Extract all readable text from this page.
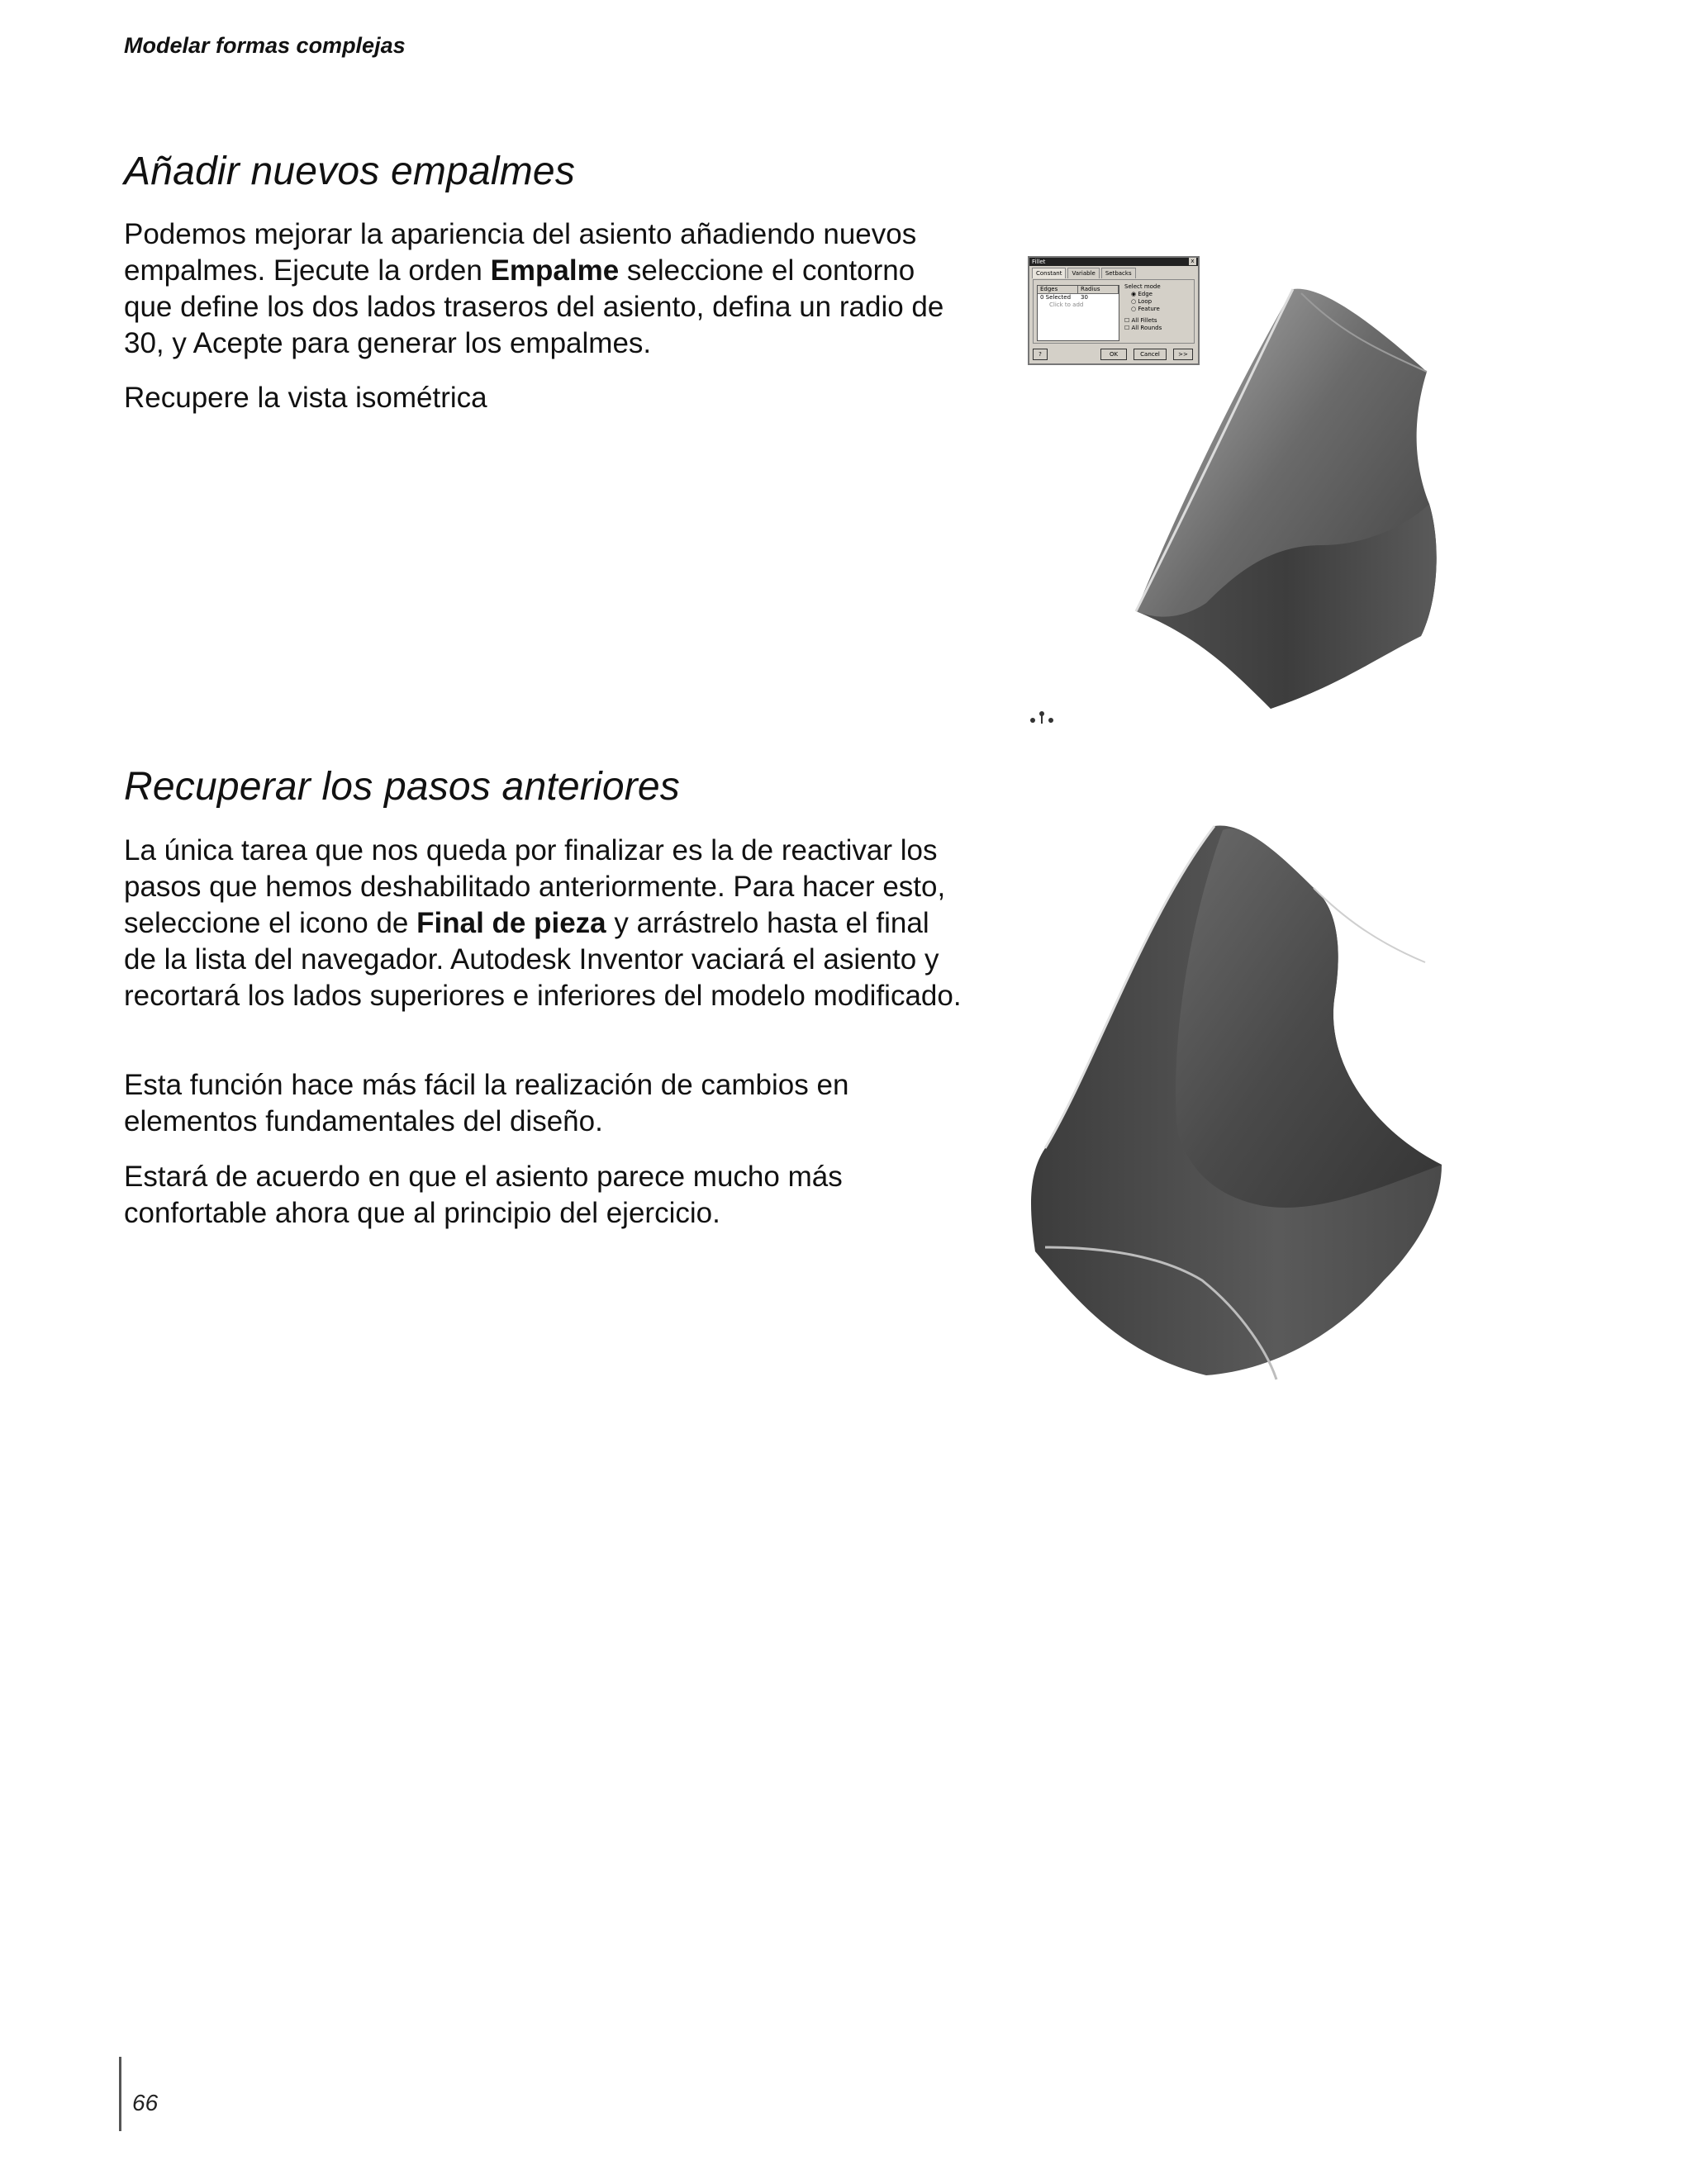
Modelar formas complejas
Añadir nuevos empalmes

Podemos mejorar la apariencia del asiento añadiendo nuevos empalmes. Ejecute la orden Empalme seleccione el contorno que define los dos lados traseros del asiento, defina un radio de 30, y Acepte para generar los empalmes.

Recupere la vista isométrica

Fillet	x
Constant	Variable	Setbacks
Edges	Radius
0 Selected	30
Click to add
Select mode
◉ Edge
○ Loop
○ Feature
☐ All Fillets
☐ All Rounds
?	OK	Cancel	>>
Recuperar los pasos anteriores

La única tarea que nos queda por finalizar es la de reactivar los pasos que hemos deshabilitado anteriormente. Para hacer esto, seleccione el icono de Final de pieza y arrástrelo hasta el final de la lista del navegador. Autodesk Inventor vaciará el asiento y recortará los lados superiores e inferiores del modelo modificado.

Esta función hace más fácil la realización de cambios en elementos fundamentales del diseño.

Estará de acuerdo en que el asiento parece mucho más confortable ahora que al principio del ejercicio.

66
